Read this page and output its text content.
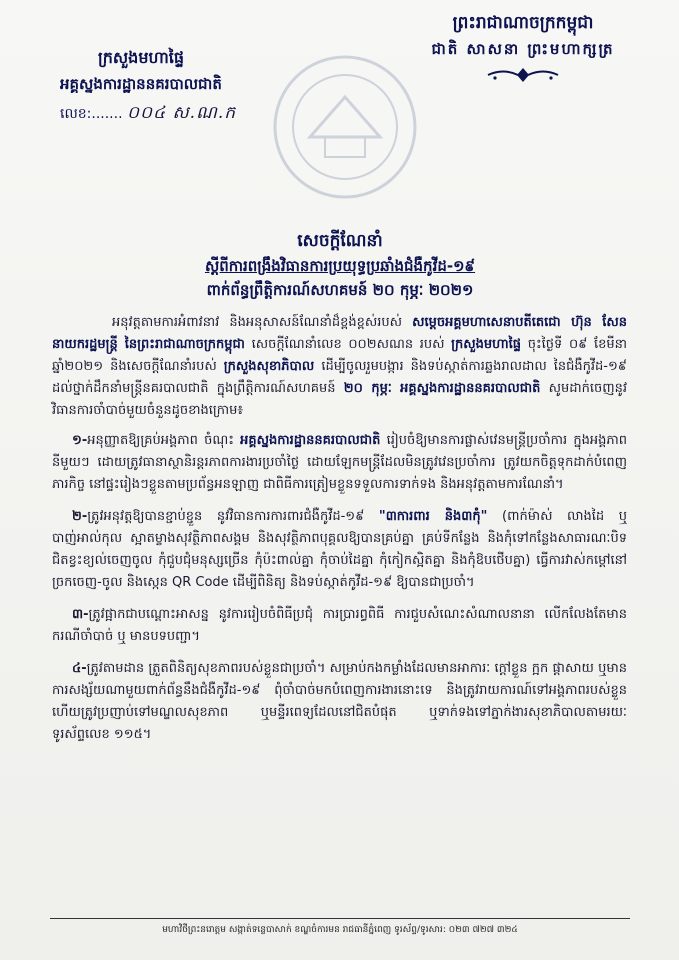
ព្រះរាជាណាចក្រកម្ពុជា
ជាតិ សាសនា ព្រះមហាក្សត្រ
ក្រសួងមហាផ្ទៃ
អគ្គស្នងការដ្ឋាននគរបាលជាតិ
លេខ:....... ០០៤ ស.ណ.ក
សេចក្តីណែនាំ
ស្តីពីការពង្រឹងវិធានការប្រយុទ្ធប្រឆាំងជំងឺកូវីដ-១៩
ពាក់ព័ន្ធព្រឹត្តិការណ៍សហគមន៍ ២០ កុម្ភៈ ២០២១

អនុវត្តតាមការអំពាវនាវ និងអនុសាសន៍ណែនាំដ៏ខ្ពង់ខ្ពស់របស់ សម្តេចអគ្គមហាសេនាបតីតេជោ ហ៊ុន សែន នាយករដ្ឋមន្ត្រី នៃព្រះរាជាណាចក្រកម្ពុជា សេចក្តីណែនាំលេខ ០០២សណន របស់ ក្រសួងមហាផ្ទៃ ចុះថ្ងៃទី ០៩ ខែមីនា ឆ្នាំ២០២១ និងសេចក្តីណែនាំរបស់ ក្រសួងសុខាភិបាល ដើម្បីចូលរួមបង្ការ និងទប់ស្កាត់ការឆ្លងរាលដាល នៃជំងឺកូវីដ-១៩ ដល់ថ្នាក់ដឹកនាំមន្ត្រីនគរបាលជាតិ ក្នុងព្រឹត្តិការណ៍សហគមន៍ ២០ កុម្ភៈ អគ្គស្នងការដ្ឋាននគរបាលជាតិ សូមដាក់ចេញនូវវិធានការចាំបាច់មួយចំនួនដូចខាងក្រោម៖

១-អនុញ្ញាតឱ្យគ្រប់អង្គភាព ចំណុះ អគ្គស្នងការដ្ឋាននគរបាលជាតិ រៀបចំឱ្យមានការផ្លាស់វេនមន្ត្រីប្រចាំការ ក្នុងអង្គភាពនីមួយៗ ដោយត្រូវធានាស្ថានិរន្តរភាពការងារប្រចាំថ្ងៃ ដោយឡែកមន្ត្រីដែលមិនត្រូវវេនប្រចាំការ ត្រូវយកចិត្តទុកដាក់បំពេញភារកិច្ច នៅផ្ទះរៀងៗខ្លួនតាមប្រព័ន្ធអនឡាញ ជាពិធីការត្រៀមខ្លួនទទួលការទាក់ទង និងអនុវត្តតាមការណែនាំ។

២-ត្រូវអនុវត្តឱ្យបានខ្ជាប់ខ្ជួន នូវវិធានការការពារជំងឺកូវីដ-១៩ "៣ការពារ និង៣កុំ" (ពាក់ម៉ាស់ លាងដៃ ឬបាញ់អាល់កុល ស្អាតម្ខាងសុវត្ថិភាពសង្គម និងសុវត្ថិភាពបុគ្គលឱ្យបានគ្រប់គ្នា គ្រប់ទីកន្លែង និងកុំទៅកន្លែងសាធារណៈបិទជិតខ្វះខ្យល់ចេញចូល កុំជួបជុំមនុស្សច្រើន កុំប៉ះពាល់គ្នា កុំចាប់ដៃគ្នា កុំកៀកស្អិតគ្នា និងកុំឱបថើបគ្នា) ធ្វើការវាស់កម្តៅនៅច្រកចេញ-ចូល និងស្កេន QR Code ដើម្បីពិនិត្យ និងទប់ស្កាត់កូវីដ-១៩ ឱ្យបានជាប្រចាំ។

៣-ត្រូវផ្អាកជាបណ្តោះអាសន្ន នូវការរៀបចំពិធីប្រជុំ ការប្រារព្ធពិធី ការជួបសំណេះសំណាលនានា លើកលែងតែមានករណីចាំបាច់ ឬ មានបទបញ្ជា។

៤-ត្រូវតាមដាន ត្រួតពិនិត្យសុខភាពរបស់ខ្លួនជាប្រចាំ។ សម្រាប់កងកម្លាំងដែលមានអាការៈ ក្តៅខ្លួន ក្អក ផ្តាសាយ ឬមានការសង្ស័យណាមួយពាក់ព័ន្ធនឹងជំងឺកូវីដ-១៩ ពុំចាំបាច់មកបំពេញការងារនោះទេ និងត្រូវរាយការណ៍ទៅអង្គភាពរបស់ខ្លួន ហើយត្រូវប្រញាប់ទៅមណ្ឌលសុខភាព ឬមន្ទីរពេទ្យដែលនៅជិតបំផុត ឬទាក់ទងទៅភ្នាក់ងារសុខាភិបាលតាមរយៈទូរស័ព្ទលេខ ១១៥។

មហាវិថីព្រះនរោត្តម សង្កាត់ទន្លេបាសាក់ ខណ្ឌចំការមន រាជធានីភ្នំពេញ ទូរស័ព្ទ/ទូរសារ: ០២៣ ៧២៧ ៣២៤
